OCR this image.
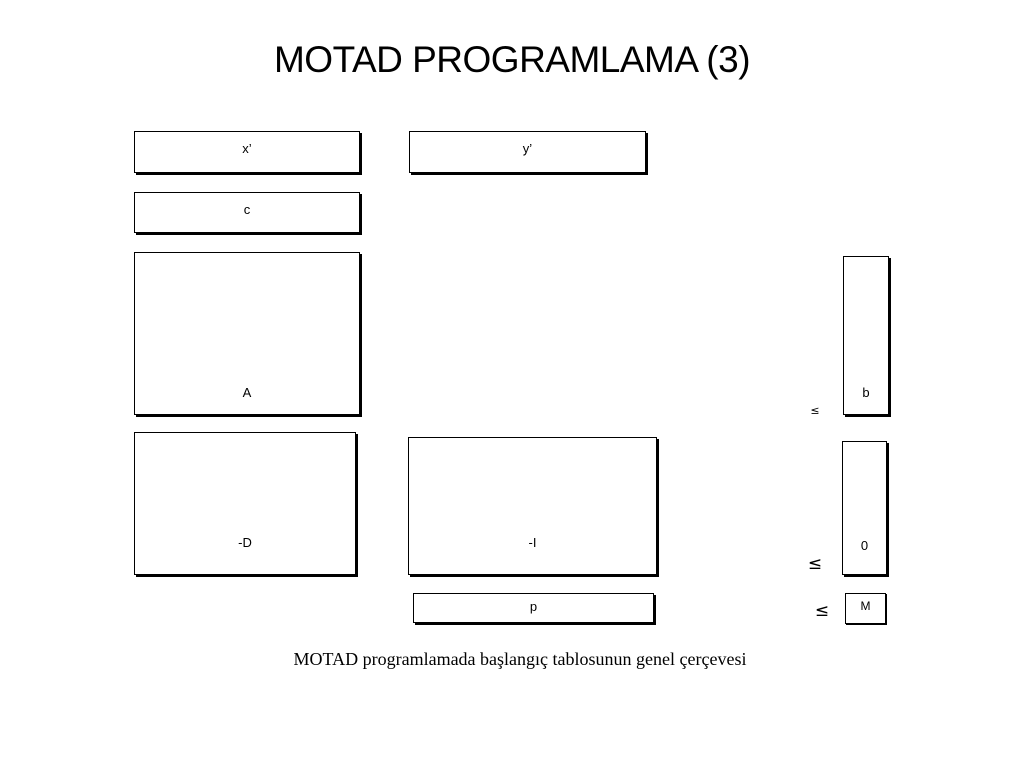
MOTAD PROGRAMLAMA (3)
x’	y’
c
A	b
≤
-D	-I	0
≤
p	M
≤
MOTAD programlamada başlangıç tablosunun genel çerçevesi
